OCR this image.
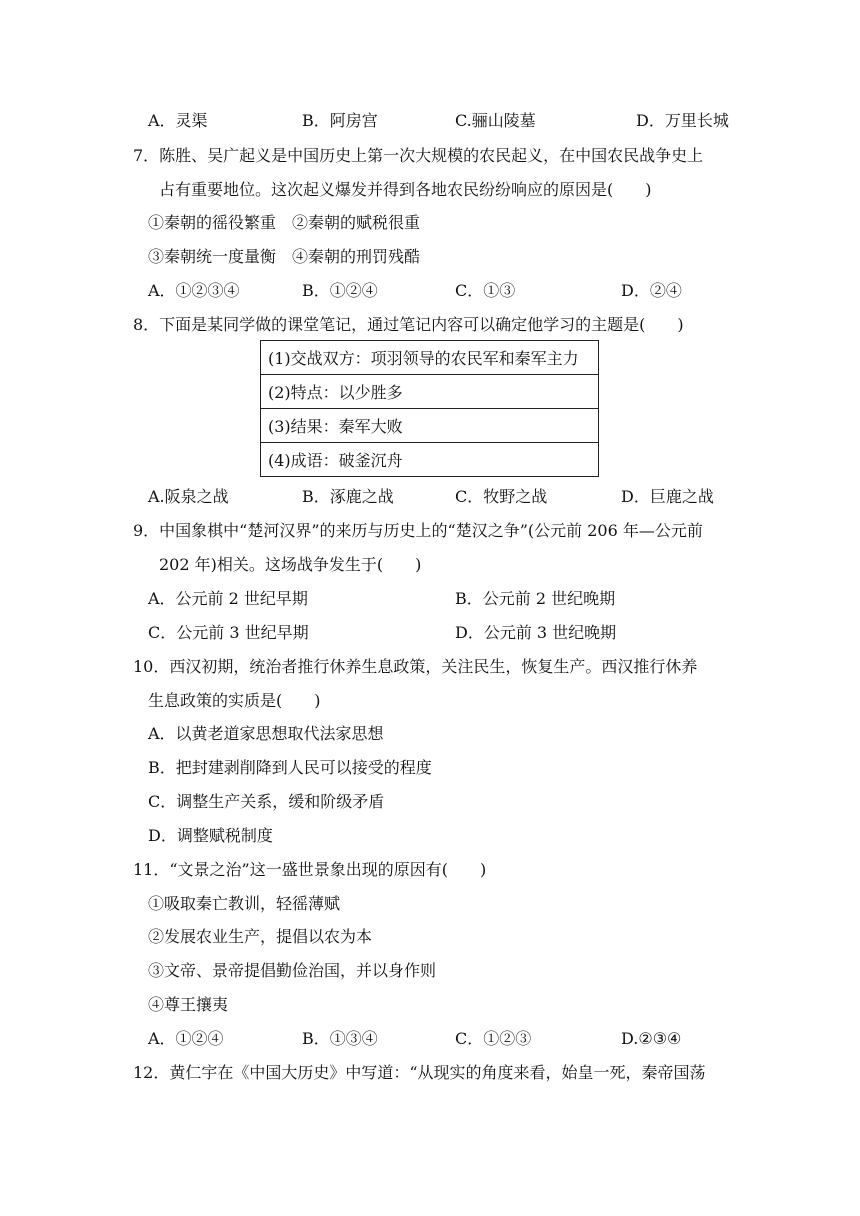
A．灵渠	B．阿房宫	C.骊山陵墓	D．万里长城
7．陈胜、吴广起义是中国历史上第一次大规模的农民起义，在中国农民战争史上
占有重要地位。这次起义爆发并得到各地农民纷纷响应的原因是(　　)
①秦朝的徭役繁重　②秦朝的赋税很重
③秦朝统一度量衡　④秦朝的刑罚残酷
A．①②③④	B．①②④	C．①③	D．②④
8．下面是某同学做的课堂笔记，通过笔记内容可以确定他学习的主题是(　　)
(1)交战双方：项羽领导的农民军和秦军主力
(2)特点：以少胜多
(3)结果：秦军大败
(4)成语：破釜沉舟
A.阪泉之战	B．涿鹿之战	C．牧野之战	D．巨鹿之战
9．中国象棋中“楚河汉界”的来历与历史上的“楚汉之争”(公元前 206 年—公元前
202 年)相关。这场战争发生于(　　)
A．公元前 2 世纪早期	B．公元前 2 世纪晚期
C．公元前 3 世纪早期	D．公元前 3 世纪晚期
10．西汉初期，统治者推行休养生息政策，关注民生，恢复生产。西汉推行休养
生息政策的实质是(　　)
A．以黄老道家思想取代法家思想
B．把封建剥削降到人民可以接受的程度
C．调整生产关系，缓和阶级矛盾
D．调整赋税制度
11．“文景之治”这一盛世景象出现的原因有(　　)
①吸取秦亡教训，轻徭薄赋
②发展农业生产，提倡以农为本
③文帝、景帝提倡勤俭治国，并以身作则
④尊王攘夷
A．①②④	B．①③④	C．①②③	D.②③④
12．黄仁宇在《中国大历史》中写道：“从现实的角度来看，始皇一死，秦帝国荡
